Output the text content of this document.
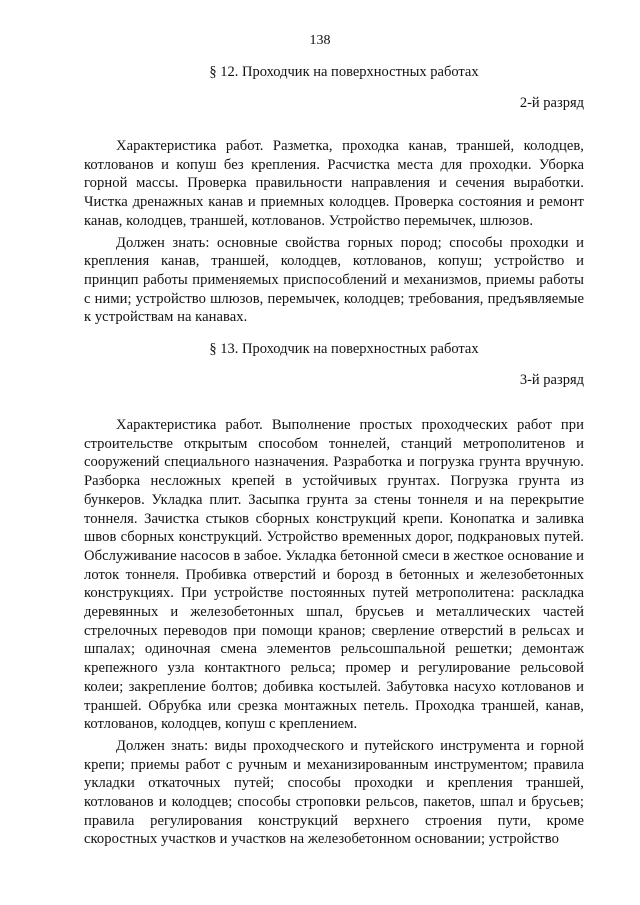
138

§ 12. Проходчик на поверхностных работах

2-й разряд

Характеристика работ. Разметка, проходка канав, траншей, колодцев, котлованов и копуш без крепления. Расчистка места для проходки. Уборка горной массы. Проверка правильности направления и сечения выработки. Чистка дренажных канав и приемных колодцев. Проверка состояния и ремонт канав, колодцев, траншей, котлованов. Устройство перемычек, шлюзов.

Должен знать: основные свойства горных пород; способы проходки и крепления канав, траншей, колодцев, котлованов, копуш; устройство и принцип работы применяемых приспособлений и механизмов, приемы работы с ними; устройство шлюзов, перемычек, колодцев; требования, предъявляемые к устройствам на канавах.

§ 13. Проходчик на поверхностных работах

3-й разряд

Характеристика работ. Выполнение простых проходческих работ при строительстве открытым способом тоннелей, станций метрополитенов и сооружений специального назначения. Разработка и погрузка грунта вручную. Разборка несложных крепей в устойчивых грунтах. Погрузка грунта из бункеров. Укладка плит. Засыпка грунта за стены тоннеля и на перекрытие тоннеля. Зачистка стыков сборных конструкций крепи. Конопатка и заливка швов сборных конструкций. Устройство временных дорог, подкрановых путей. Обслуживание насосов в забое. Укладка бетонной смеси в жесткое основание и лоток тоннеля. Пробивка отверстий и борозд в бетонных и железобетонных конструкциях. При устройстве постоянных путей метрополитена: раскладка деревянных и железобетонных шпал, брусьев и металлических частей стрелочных переводов при помощи кранов; сверление отверстий в рельсах и шпалах; одиночная смена элементов рельсошпальной решетки; демонтаж крепежного узла контактного рельса; промер и регулирование рельсовой колеи; закрепление болтов; добивка костылей. Забутовка насухо котлованов и траншей. Обрубка или срезка монтажных петель. Проходка траншей, канав, котлованов, колодцев, копуш с креплением.

Должен знать: виды проходческого и путейского инструмента и горной крепи; приемы работ с ручным и механизированным инструментом; правила укладки откаточных путей; способы проходки и крепления траншей, котлованов и колодцев; способы строповки рельсов, пакетов, шпал и брусьев; правила регулирования конструкций верхнего строения пути, кроме скоростных участков и участков на железобетонном основании; устройство
